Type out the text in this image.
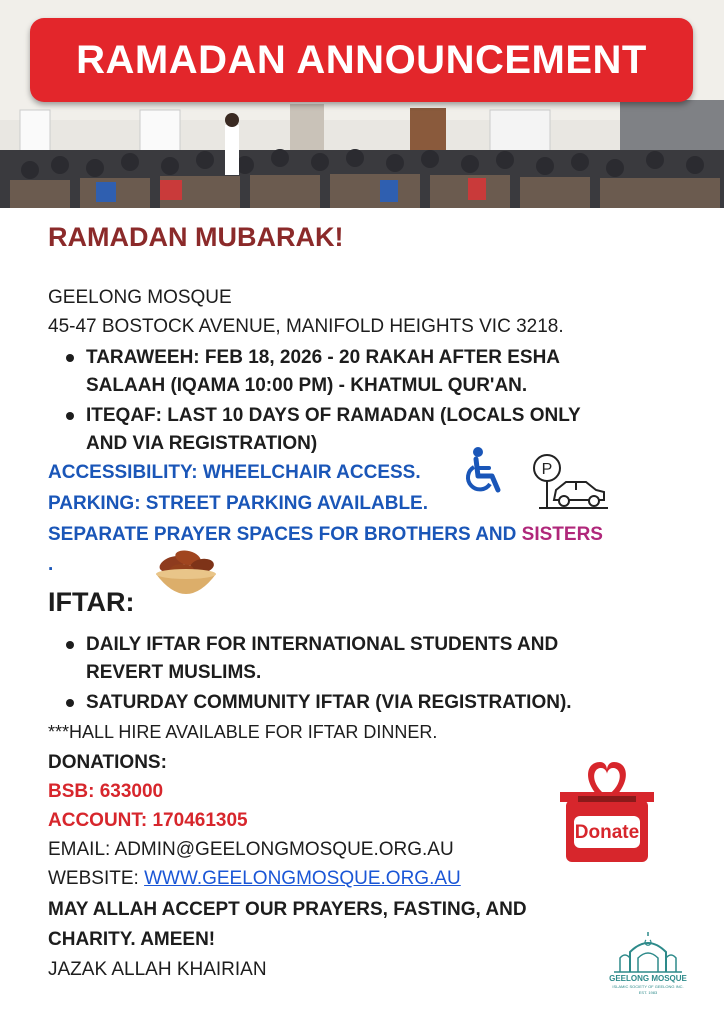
RAMADAN ANNOUNCEMENT
RAMADAN MUBARAK!
GEELONG MOSQUE
45-47 BOSTOCK AVENUE, MANIFOLD HEIGHTS VIC 3218.
TARAWEEH: FEB 18, 2026 - 20 RAKAH AFTER ESHA
SALAAH (IQAMA 10:00 PM) - KHATMUL QUR'AN.
ITEQAF: LAST 10 DAYS OF RAMADAN (LOCALS ONLY
AND VIA REGISTRATION)
ACCESSIBILITY: WHEELCHAIR ACCESS.
PARKING: STREET PARKING AVAILABLE.
SEPARATE PRAYER SPACES FOR BROTHERS AND SISTERS
.
P
IFTAR:
DAILY IFTAR FOR INTERNATIONAL STUDENTS AND
REVERT MUSLIMS.
SATURDAY COMMUNITY IFTAR (VIA REGISTRATION).
***HALL HIRE AVAILABLE FOR IFTAR DINNER.
DONATIONS:
BSB: 633000
ACCOUNT: 170461305
Donate
EMAIL: ADMIN@GEELONGMOSQUE.ORG.AU
WEBSITE: WWW.GEELONGMOSQUE.ORG.AU
MAY ALLAH ACCEPT OUR PRAYERS, FASTING, AND
CHARITY. AMEEN!
JAZAK ALLAH KHAIRIAN	GEELONG MOSQUE
ISLAMIC SOCIETY OF GEELONG INC.
EST. 1983
